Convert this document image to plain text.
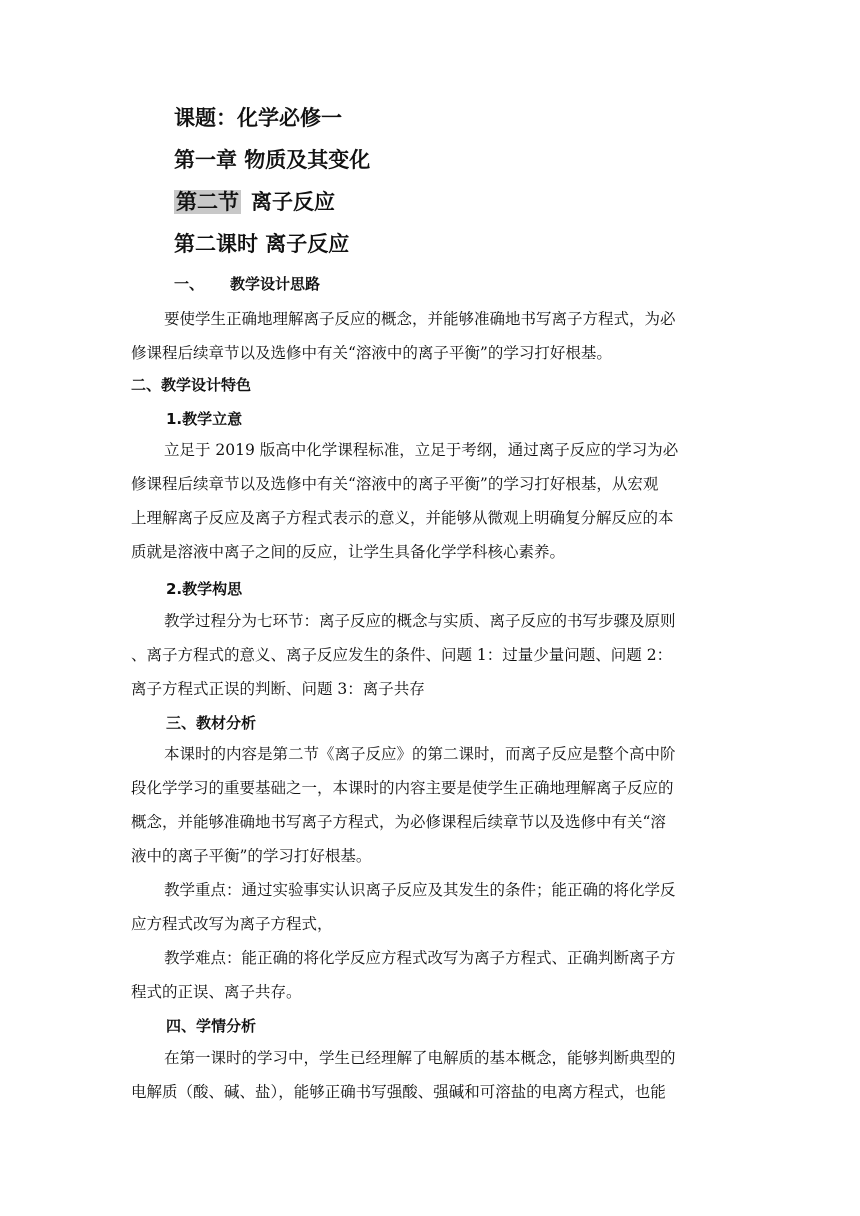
课题：化学必修一
第一章 物质及其变化
第二节 离子反应
第二课时 离子反应
一、 教学设计思路
要使学生正确地理解离子反应的概念，并能够准确地书写离子方程式，为必
修课程后续章节以及选修中有关“溶液中的离子平衡”的学习打好根基。
二、教学设计特色
1.教学立意
立足于 2019 版高中化学课程标准，立足于考纲，通过离子反应的学习为必
修课程后续章节以及选修中有关“溶液中的离子平衡”的学习打好根基，从宏观
上理解离子反应及离子方程式表示的意义，并能够从微观上明确复分解反应的本
质就是溶液中离子之间的反应，让学生具备化学学科核心素养。
2.教学构思
教学过程分为七环节：离子反应的概念与实质、离子反应的书写步骤及原则
、离子方程式的意义、离子反应发生的条件、问题 1：过量少量问题、问题 2：
离子方程式正误的判断、问题 3：离子共存
三、教材分析
本课时的内容是第二节《离子反应》的第二课时，而离子反应是整个高中阶
段化学学习的重要基础之一，本课时的内容主要是使学生正确地理解离子反应的
概念，并能够准确地书写离子方程式，为必修课程后续章节以及选修中有关“溶
液中的离子平衡”的学习打好根基。
教学重点：通过实验事实认识离子反应及其发生的条件；能正确的将化学反
应方程式改写为离子方程式，
教学难点：能正确的将化学反应方程式改写为离子方程式、正确判断离子方
程式的正误、离子共存。
四、学情分析
在第一课时的学习中，学生已经理解了电解质的基本概念，能够判断典型的
电解质（酸、碱、盐），能够正确书写强酸、强碱和可溶盐的电离方程式，也能
